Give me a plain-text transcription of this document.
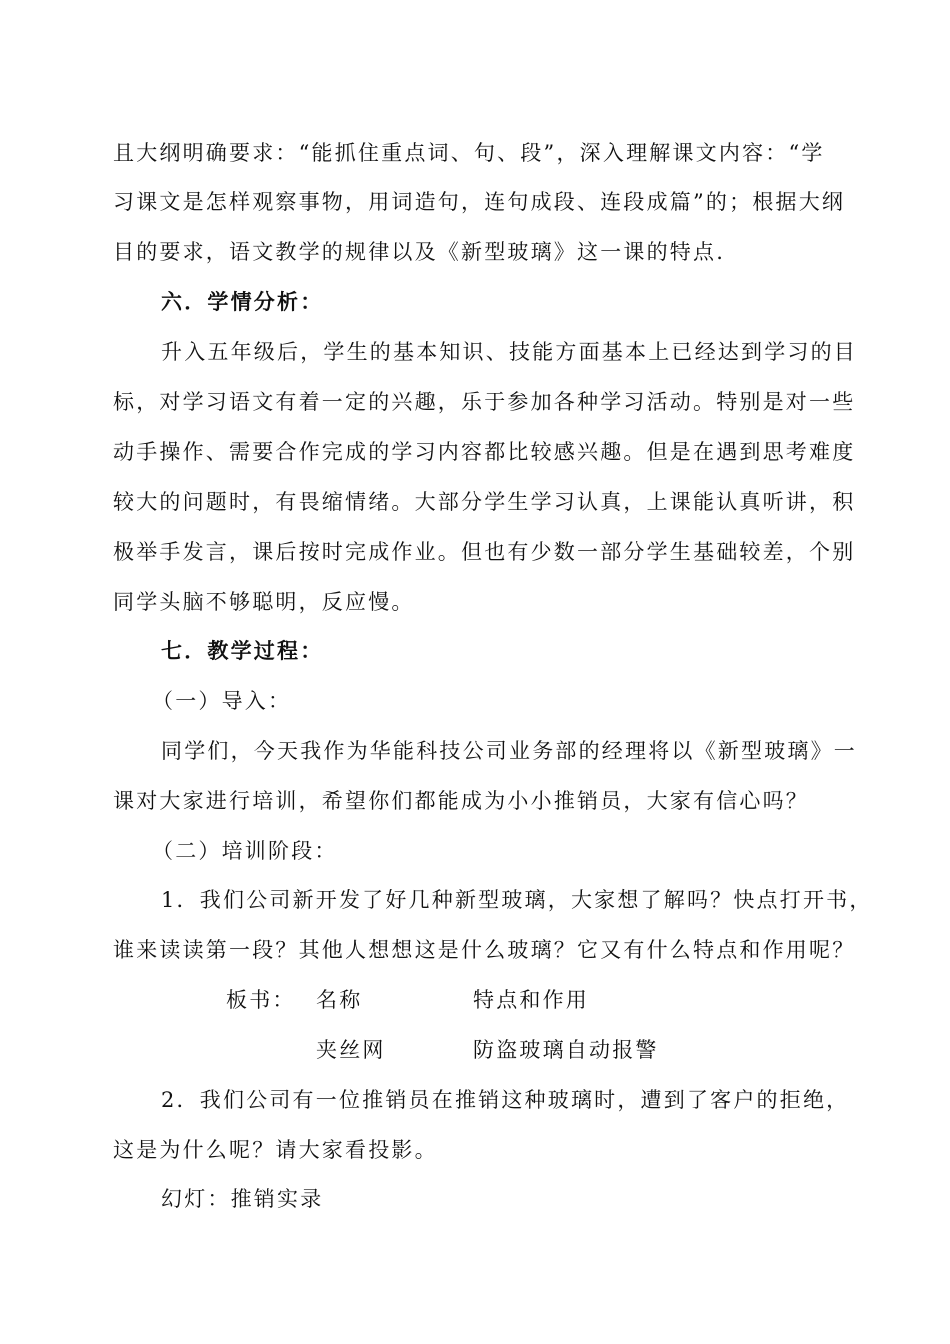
且大纲明确要求：“能抓住重点词、句、段”，深入理解课文内容：“学
习课文是怎样观察事物，用词造句，连句成段、连段成篇”的；根据大纲
目的要求，语文教学的规律以及《新型玻璃》这一课的特点.
六．学情分析：
升入五年级后，学生的基本知识、技能方面基本上已经达到学习的目
标，对学习语文有着一定的兴趣，乐于参加各种学习活动。特别是对一些
动手操作、需要合作完成的学习内容都比较感兴趣。但是在遇到思考难度
较大的问题时，有畏缩情绪。大部分学生学习认真，上课能认真听讲，积
极举手发言，课后按时完成作业。但也有少数一部分学生基础较差，个别
同学头脑不够聪明，反应慢。
七．教学过程：
（一）导入：
同学们，今天我作为华能科技公司业务部的经理将以《新型玻璃》一
课对大家进行培训，希望你们都能成为小小推销员，大家有信心吗？
（二）培训阶段：
1．我们公司新开发了好几种新型玻璃，大家想了解吗？快点打开书，
谁来读读第一段？其他人想想这是什么玻璃？它又有什么特点和作用呢？
板书： 名称	特点和作用
夹丝网	防盗玻璃自动报警
2．我们公司有一位推销员在推销这种玻璃时，遭到了客户的拒绝，
这是为什么呢？请大家看投影。
幻灯：推销实录
